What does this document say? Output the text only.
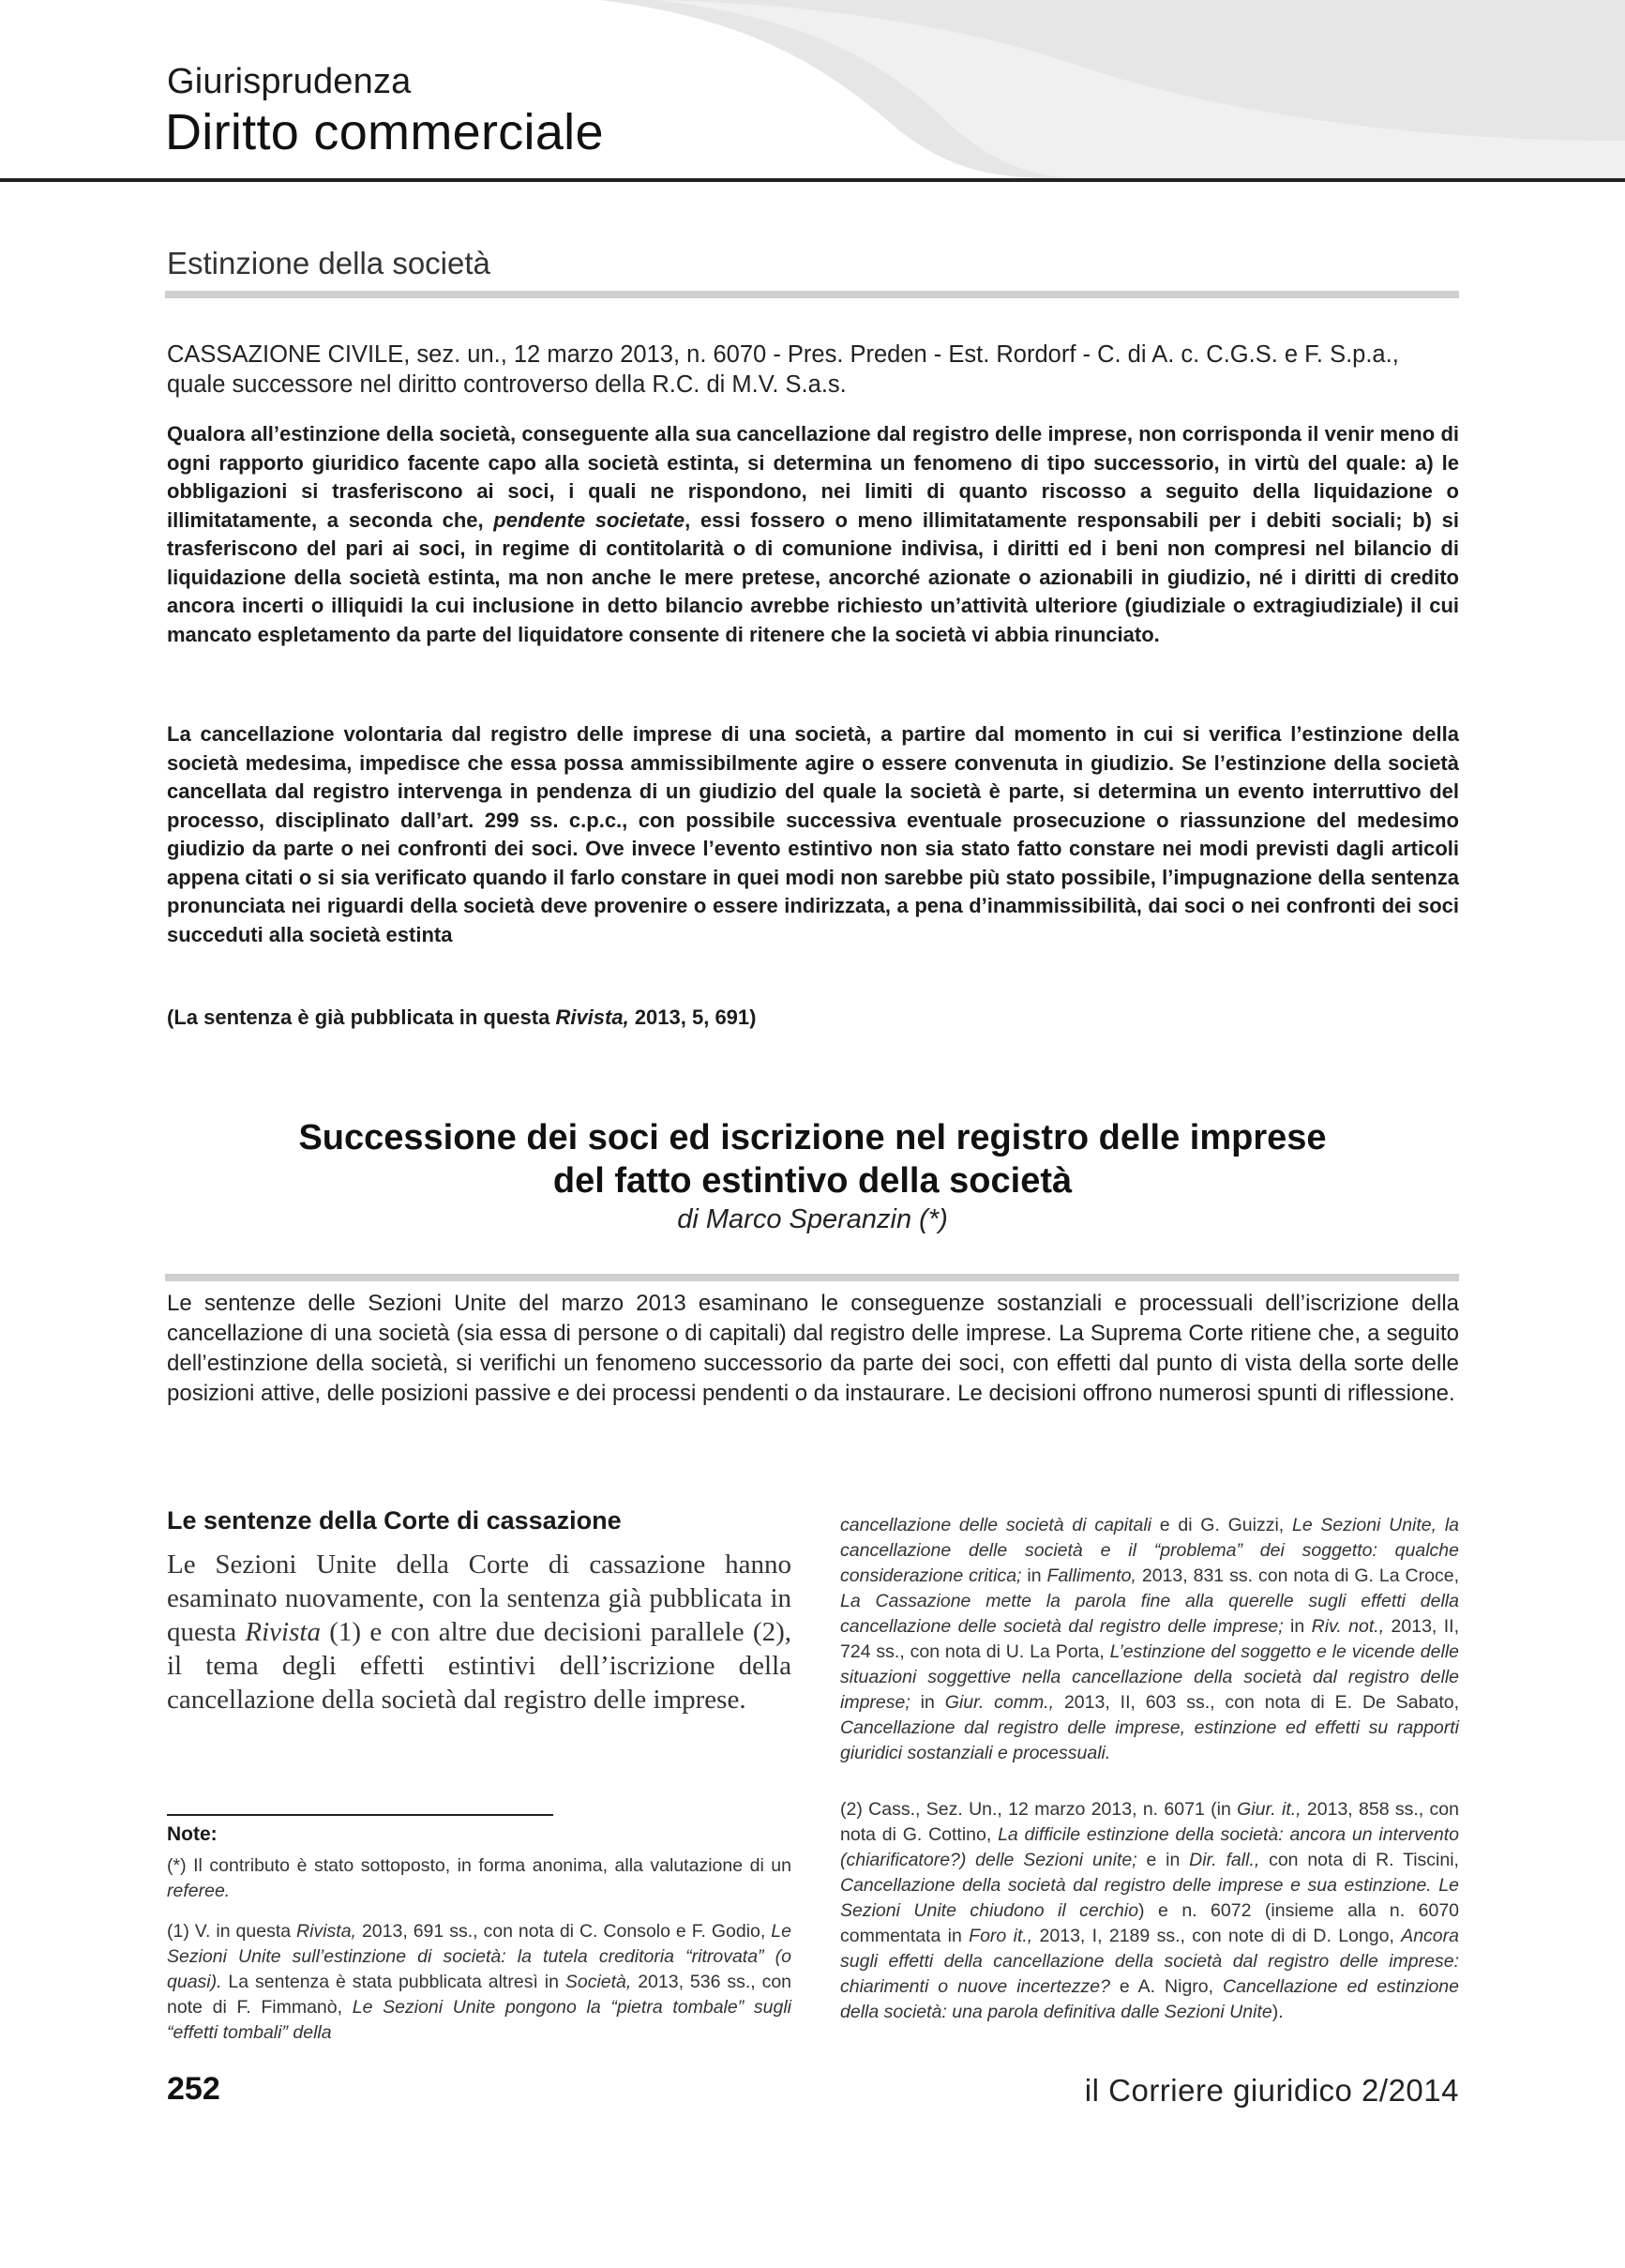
Giurisprudenza
Diritto commerciale
Estinzione della società
CASSAZIONE CIVILE, sez. un., 12 marzo 2013, n. 6070 - Pres. Preden - Est. Rordorf - C. di A. c. C.G.S. e F. S.p.a., quale successore nel diritto controverso della R.C. di M.V. S.a.s.
Qualora all’estinzione della società, conseguente alla sua cancellazione dal registro delle imprese, non corrisponda il venir meno di ogni rapporto giuridico facente capo alla società estinta, si determina un fenomeno di tipo successorio, in virtù del quale: a) le obbligazioni si trasferiscono ai soci, i quali ne rispondono, nei limiti di quanto riscosso a seguito della liquidazione o illimitatamente, a seconda che, pendente societate, essi fossero o meno illimitatamente responsabili per i debiti sociali; b) si trasferiscono del pari ai soci, in regime di contitolarità o di comunione indivisa, i diritti ed i beni non compresi nel bilancio di liquidazione della società estinta, ma non anche le mere pretese, ancorché azionate o azionabili in giudizio, né i diritti di credito ancora incerti o illiquidi la cui inclusione in detto bilancio avrebbe richiesto un’attività ulteriore (giudiziale o extragiudiziale) il cui mancato espletamento da parte del liquidatore consente di ritenere che la società vi abbia rinunciato.
La cancellazione volontaria dal registro delle imprese di una società, a partire dal momento in cui si verifica l’estinzione della società medesima, impedisce che essa possa ammissibilmente agire o essere convenuta in giudizio. Se l’estinzione della società cancellata dal registro intervenga in pendenza di un giudizio del quale la società è parte, si determina un evento interruttivo del processo, disciplinato dall’art. 299 ss. c.p.c., con possibile successiva eventuale prosecuzione o riassunzione del medesimo giudizio da parte o nei confronti dei soci. Ove invece l’evento estintivo non sia stato fatto constare nei modi previsti dagli articoli appena citati o si sia verificato quando il farlo constare in quei modi non sarebbe più stato possibile, l’impugnazione della sentenza pronunciata nei riguardi della società deve provenire o essere indirizzata, a pena d’inammissibilità, dai soci o nei confronti dei soci succeduti alla società estinta
(La sentenza è già pubblicata in questa Rivista, 2013, 5, 691)
Successione dei soci ed iscrizione nel registro delle imprese
del fatto estintivo della società
di Marco Speranzin (*)
Le sentenze delle Sezioni Unite del marzo 2013 esaminano le conseguenze sostanziali e processuali dell’iscrizione della cancellazione di una società (sia essa di persone o di capitali) dal registro delle imprese. La Suprema Corte ritiene che, a seguito dell’estinzione della società, si verifichi un fenomeno successorio da parte dei soci, con effetti dal punto di vista della sorte delle posizioni attive, delle posizioni passive e dei processi pendenti o da instaurare. Le decisioni offrono numerosi spunti di riflessione.
Le sentenze della Corte di cassazione
Le Sezioni Unite della Corte di cassazione hanno esaminato nuovamente, con la sentenza già pubblicata in questa Rivista (1) e con altre due decisioni parallele (2), il tema degli effetti estintivi dell’iscrizione della cancellazione della società dal registro delle imprese.
Note:
(*) Il contributo è stato sottoposto, in forma anonima, alla valutazione di un referee.
(1) V. in questa Rivista, 2013, 691 ss., con nota di C. Consolo e F. Godio, Le Sezioni Unite sull’estinzione di società: la tutela creditoria “ritrovata” (o quasi). La sentenza è stata pubblicata altresì in Società, 2013, 536 ss., con note di F. Fimmanò, Le Sezioni Unite pongono la “pietra tombale” sugli “effetti tombali” della
cancellazione delle società di capitali e di G. Guizzi, Le Sezioni Unite, la cancellazione delle società e il “problema” dei soggetto: qualche considerazione critica; in Fallimento, 2013, 831 ss. con nota di G. La Croce, La Cassazione mette la parola fine alla querelle sugli effetti della cancellazione delle società dal registro delle imprese; in Riv. not., 2013, II, 724 ss., con nota di U. La Porta, L’estinzione del soggetto e le vicende delle situazioni soggettive nella cancellazione della società dal registro delle imprese; in Giur. comm., 2013, II, 603 ss., con nota di E. De Sabato, Cancellazione dal registro delle imprese, estinzione ed effetti su rapporti giuridici sostanziali e processuali.
(2) Cass., Sez. Un., 12 marzo 2013, n. 6071 (in Giur. it., 2013, 858 ss., con nota di G. Cottino, La difficile estinzione della società: ancora un intervento (chiarificatore?) delle Sezioni unite; e in Dir. fall., con nota di R. Tiscini, Cancellazione della società dal registro delle imprese e sua estinzione. Le Sezioni Unite chiudono il cerchio) e n. 6072 (insieme alla n. 6070 commentata in Foro it., 2013, I, 2189 ss., con note di di D. Longo, Ancora sugli effetti della cancellazione della società dal registro delle imprese: chiarimenti o nuove incertezze? e A. Nigro, Cancellazione ed estinzione della società: una parola definitiva dalle Sezioni Unite).
252	il Corriere giuridico 2/2014
